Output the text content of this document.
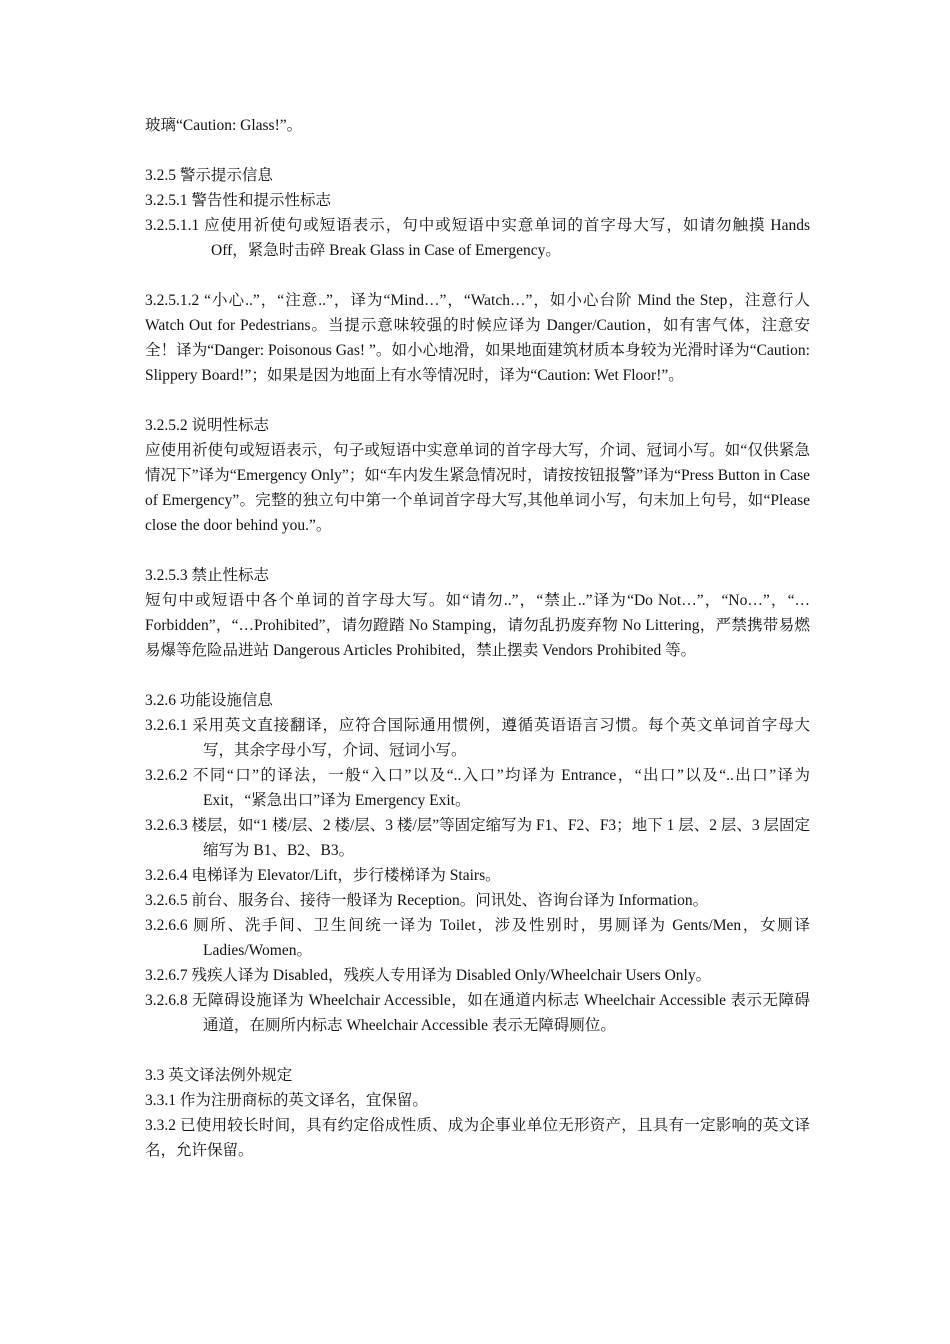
玻璃“Caution: Glass!”。

3.2.5 警示提示信息

3.2.5.1 警告性和提示性标志

3.2.5.1.1 应使用祈使句或短语表示，句中或短语中实意单词的首字母大写，如请勿触摸 Hands Off，紧急时击碎 Break Glass in Case of Emergency。

3.2.5.1.2 “小心..”，“注意..”，译为“Mind…”，“Watch…”，如小心台阶 Mind the Step，注意行人 Watch Out for Pedestrians。当提示意味较强的时候应译为 Danger/Caution，如有害气体，注意安全！译为“Danger: Poisonous Gas! ”。如小心地滑，如果地面建筑材质本身较为光滑时译为“Caution: Slippery Board!”；如果是因为地面上有水等情况时，译为“Caution: Wet Floor!”。

3.2.5.2 说明性标志

应使用祈使句或短语表示，句子或短语中实意单词的首字母大写，介词、冠词小写。如“仅供紧急情况下”译为“Emergency Only”；如“车内发生紧急情况时，请按按钮报警”译为“Press Button in Case of Emergency”。完整的独立句中第一个单词首字母大写,其他单词小写，句末加上句号，如“Please close the door behind you.”。

3.2.5.3 禁止性标志

短句中或短语中各个单词的首字母大写。如“请勿..”，“禁止..”译为“Do Not…”，“No…”，“…Forbidden”，“…Prohibited”，请勿蹬踏 No Stamping，请勿乱扔废弃物 No Littering，严禁携带易燃易爆等危险品进站 Dangerous Articles Prohibited，禁止摆卖 Vendors Prohibited 等。

3.2.6 功能设施信息

3.2.6.1 采用英文直接翻译，应符合国际通用惯例，遵循英语语言习惯。每个英文单词首字母大写，其余字母小写，介词、冠词小写。

3.2.6.2 不同“口”的译法，一般“入口”以及“..入口”均译为 Entrance，“出口”以及“..出口”译为 Exit，“紧急出口”译为 Emergency Exit。

3.2.6.3 楼层，如“1 楼/层、2 楼/层、3 楼/层”等固定缩写为 F1、F2、F3；地下 1 层、2 层、3 层固定缩写为 B1、B2、B3。

3.2.6.4 电梯译为 Elevator/Lift，步行楼梯译为 Stairs。

3.2.6.5 前台、服务台、接待一般译为 Reception。问讯处、咨询台译为 Information。

3.2.6.6 厕所、洗手间、卫生间统一译为 Toilet，涉及性别时，男厕译为 Gents/Men，女厕译 Ladies/Women。

3.2.6.7 残疾人译为 Disabled，残疾人专用译为 Disabled Only/Wheelchair Users Only。

3.2.6.8 无障碍设施译为 Wheelchair Accessible，如在通道内标志 Wheelchair Accessible 表示无障碍通道，在厕所内标志 Wheelchair Accessible 表示无障碍厕位。

3.3 英文译法例外规定

3.3.1 作为注册商标的英文译名，宜保留。

3.3.2 已使用较长时间，具有约定俗成性质、成为企事业单位无形资产，且具有一定影响的英文译名，允许保留。
